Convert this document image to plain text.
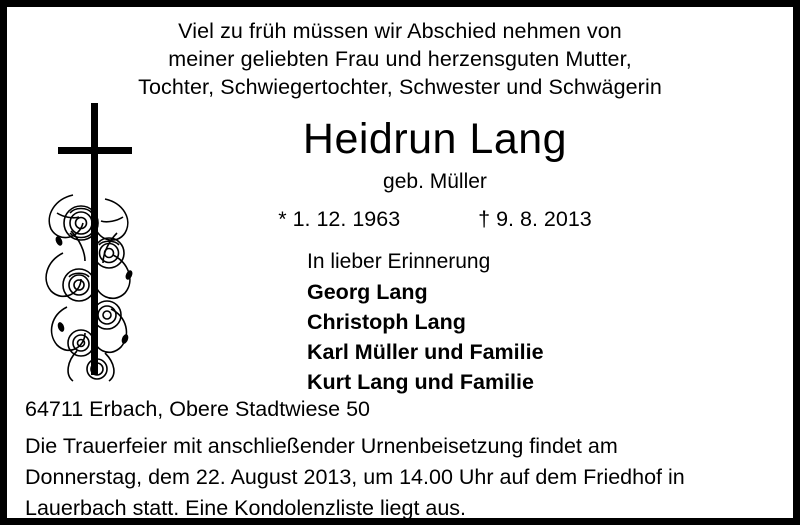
Viel zu früh müssen wir Abschied nehmen von
meiner geliebten Frau und herzensguten Mutter,
Tochter, Schwiegertochter, Schwester und Schwägerin
Heidrun Lang
geb. Müller
* 1. 12. 1963	† 9. 8. 2013
In lieber Erinnerung
Georg Lang
Christoph Lang
Karl Müller und Familie
Kurt Lang und Familie
64711 Erbach, Obere Stadtwiese 50
Die Trauerfeier mit anschließender Urnenbeisetzung findet am
Donnerstag, dem 22. August 2013, um 14.00 Uhr auf dem Friedhof in
Lauerbach statt. Eine Kondolenzliste liegt aus.
